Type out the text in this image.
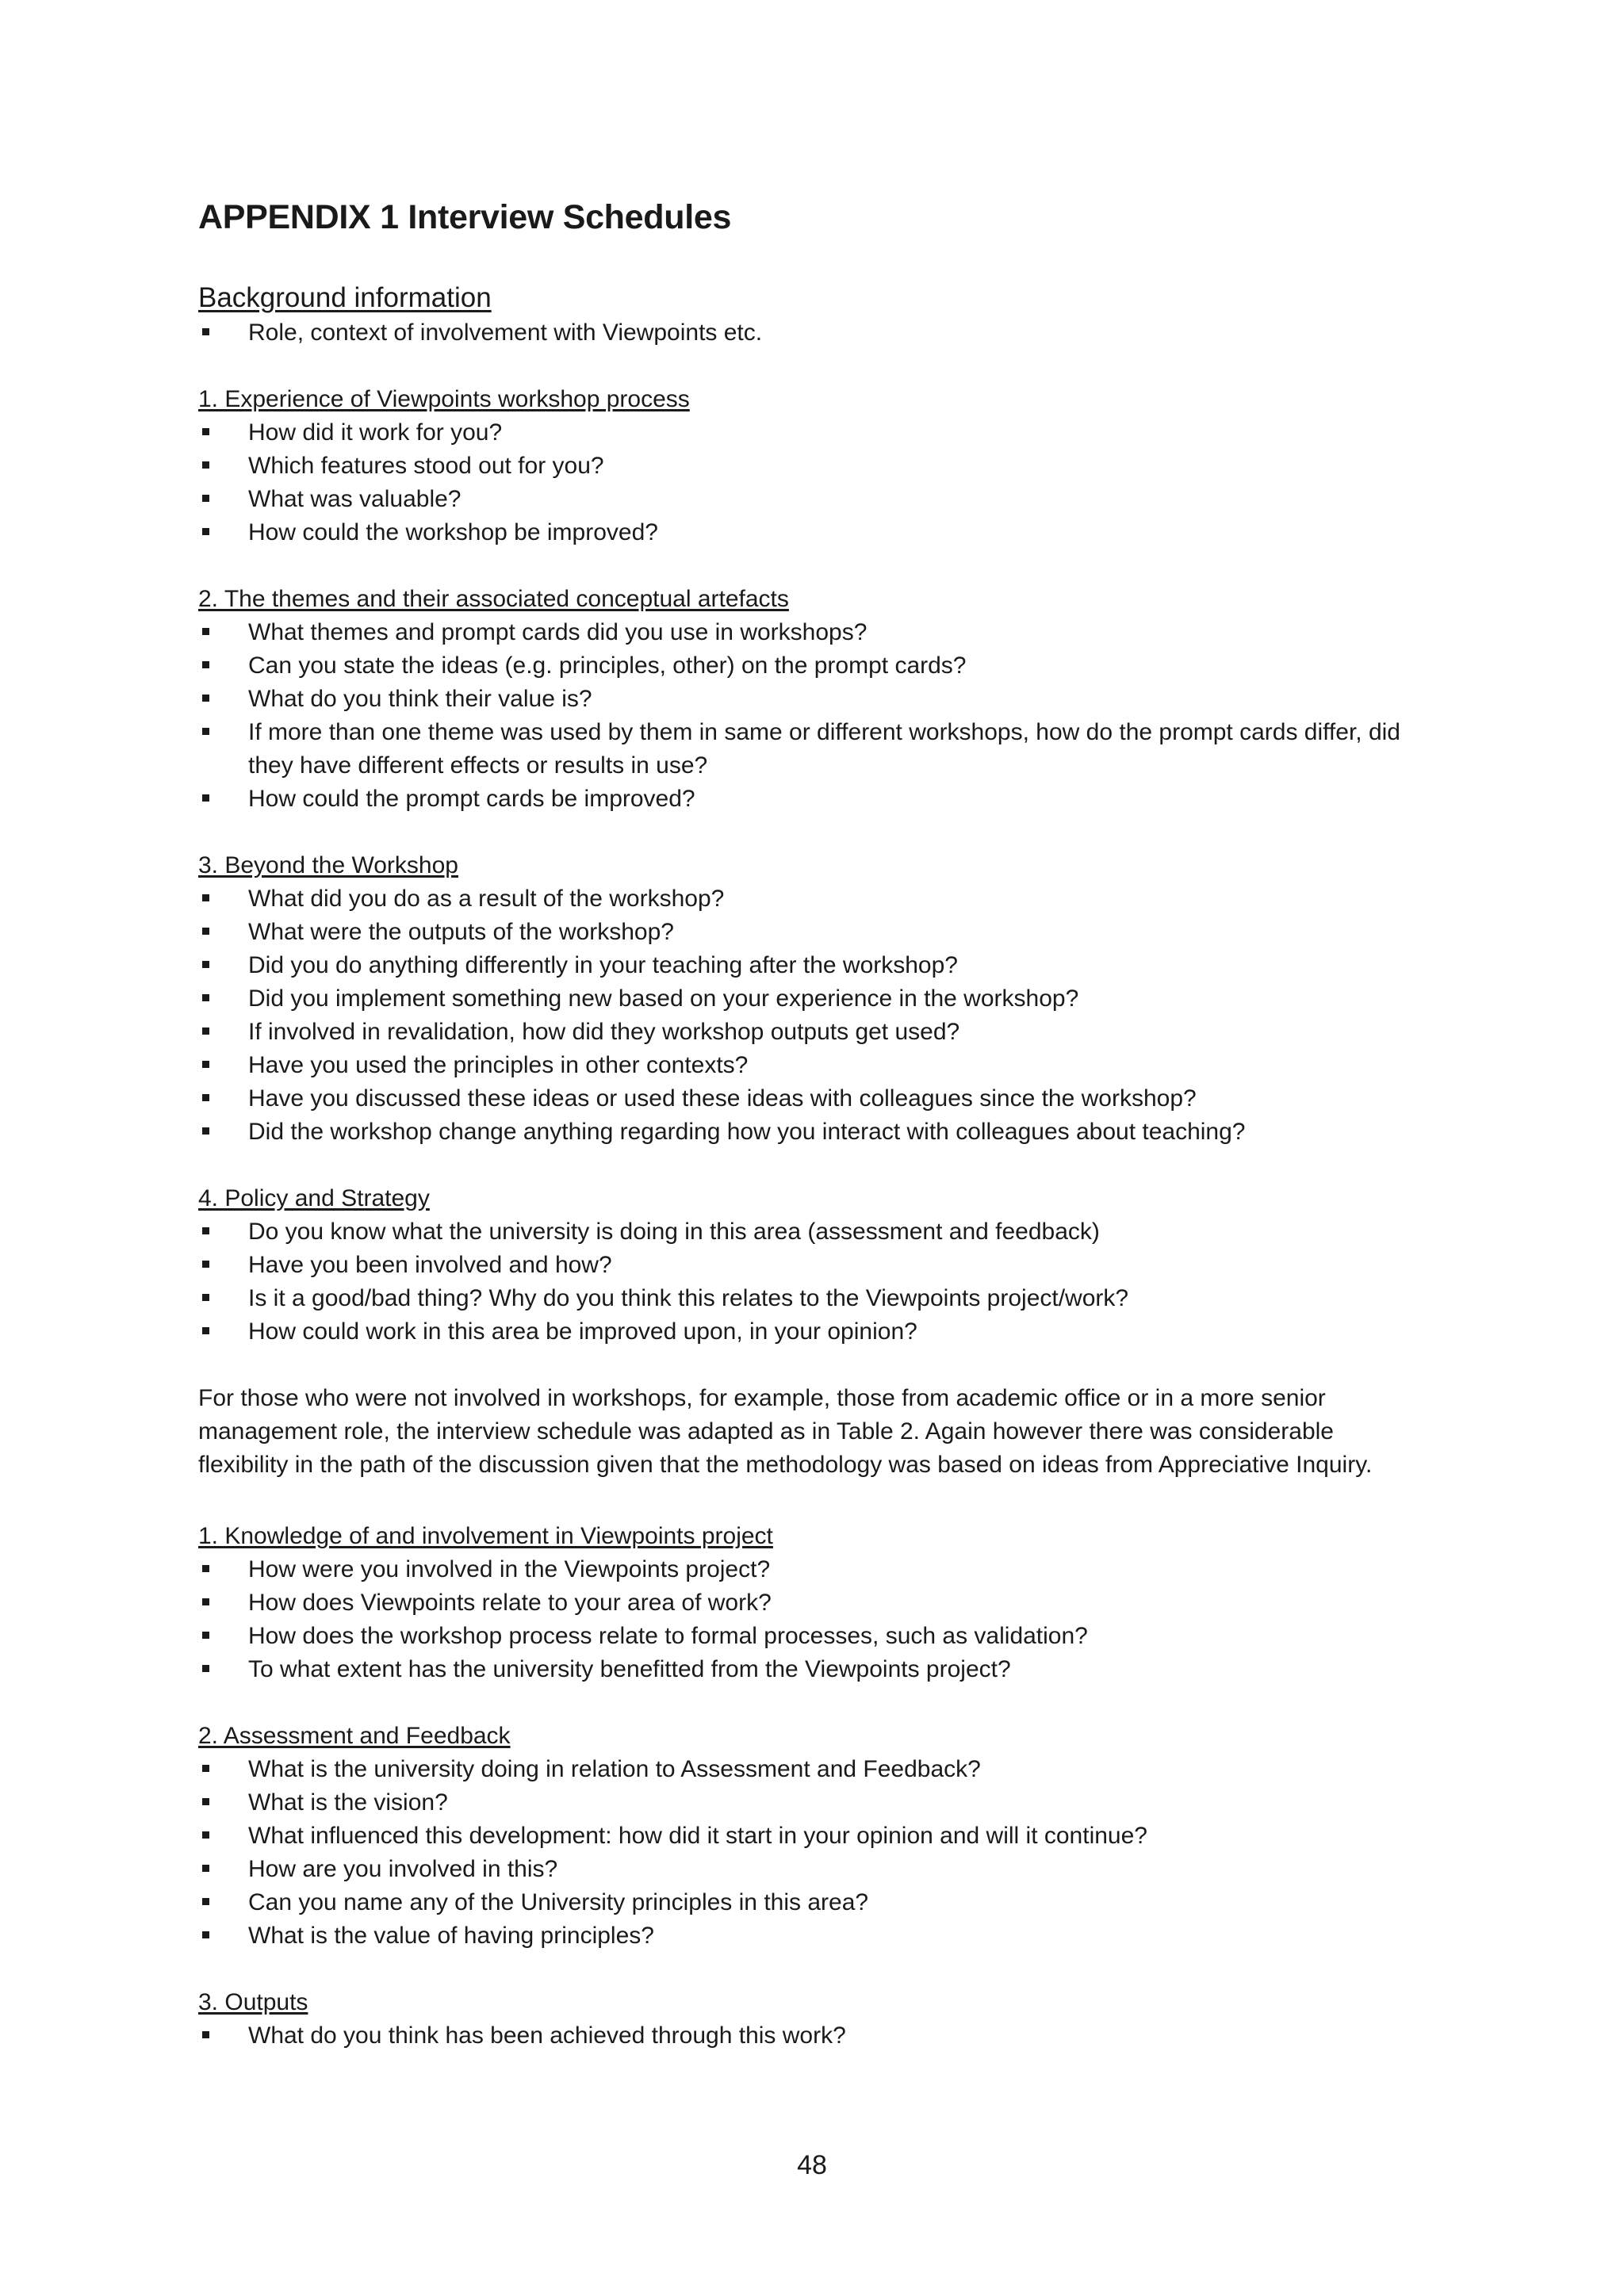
APPENDIX 1 Interview Schedules
Background information
Role, context of involvement with Viewpoints etc.
1. Experience of Viewpoints workshop process
How did it work for you?
Which features stood out for you?
What was valuable?
How could the workshop be improved?
2. The themes and their associated conceptual artefacts
What themes and prompt cards did you use in workshops?
Can you state the ideas (e.g. principles, other) on the prompt cards?
What do you think their value is?
If more than one theme was used by them in same or different workshops, how do the prompt cards differ, did they have different effects or results in use?
How could the prompt cards be improved?
3. Beyond the Workshop
What did you do as a result of the workshop?
What were the outputs of the workshop?
Did you do anything differently in your teaching after the workshop?
Did you implement something new based on your experience in the workshop?
If involved in revalidation, how did they workshop outputs get used?
Have you used the principles in other contexts?
Have you discussed these ideas or used these ideas with colleagues since the workshop?
Did the workshop change anything regarding how you interact with colleagues about teaching?
4. Policy and Strategy
Do you know what the university is doing in this area (assessment and feedback)
Have you been involved and how?
Is it a good/bad thing? Why do you think this relates to the Viewpoints project/work?
How could work in this area be improved upon, in your opinion?

For those who were not involved in workshops, for example, those from academic office or in a more senior management role, the interview schedule was adapted as in Table 2. Again however there was considerable flexibility in the path of the discussion given that the methodology was based on ideas from Appreciative Inquiry.

1. Knowledge of and involvement in Viewpoints project
How were you involved in the Viewpoints project?
How does Viewpoints relate to your area of work?
How does the workshop process relate to formal processes, such as validation?
To what extent has the university benefitted from the Viewpoints project?
2. Assessment and Feedback
What is the university doing in relation to Assessment and Feedback?
What is the vision?
What influenced this development: how did it start in your opinion and will it continue?
How are you involved in this?
Can you name any of the University principles in this area?
What is the value of having principles?
3. Outputs
What do you think has been achieved through this work?
48
